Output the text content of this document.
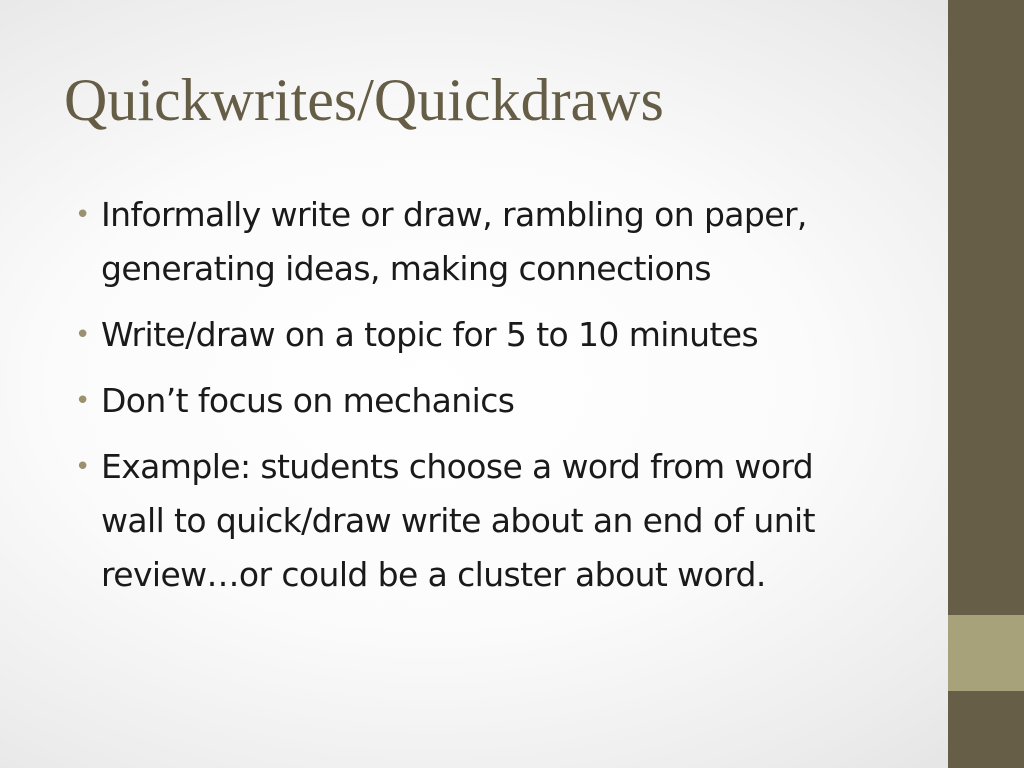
Quickwrites/Quickdraws
• Informally write or draw, rambling on paper, generating ideas, making connections
• Write/draw on a topic for 5 to 10 minutes
• Don’t focus on mechanics
• Example: students choose a word from word wall to quick/draw write about an end of unit review…or could be a cluster about word.
